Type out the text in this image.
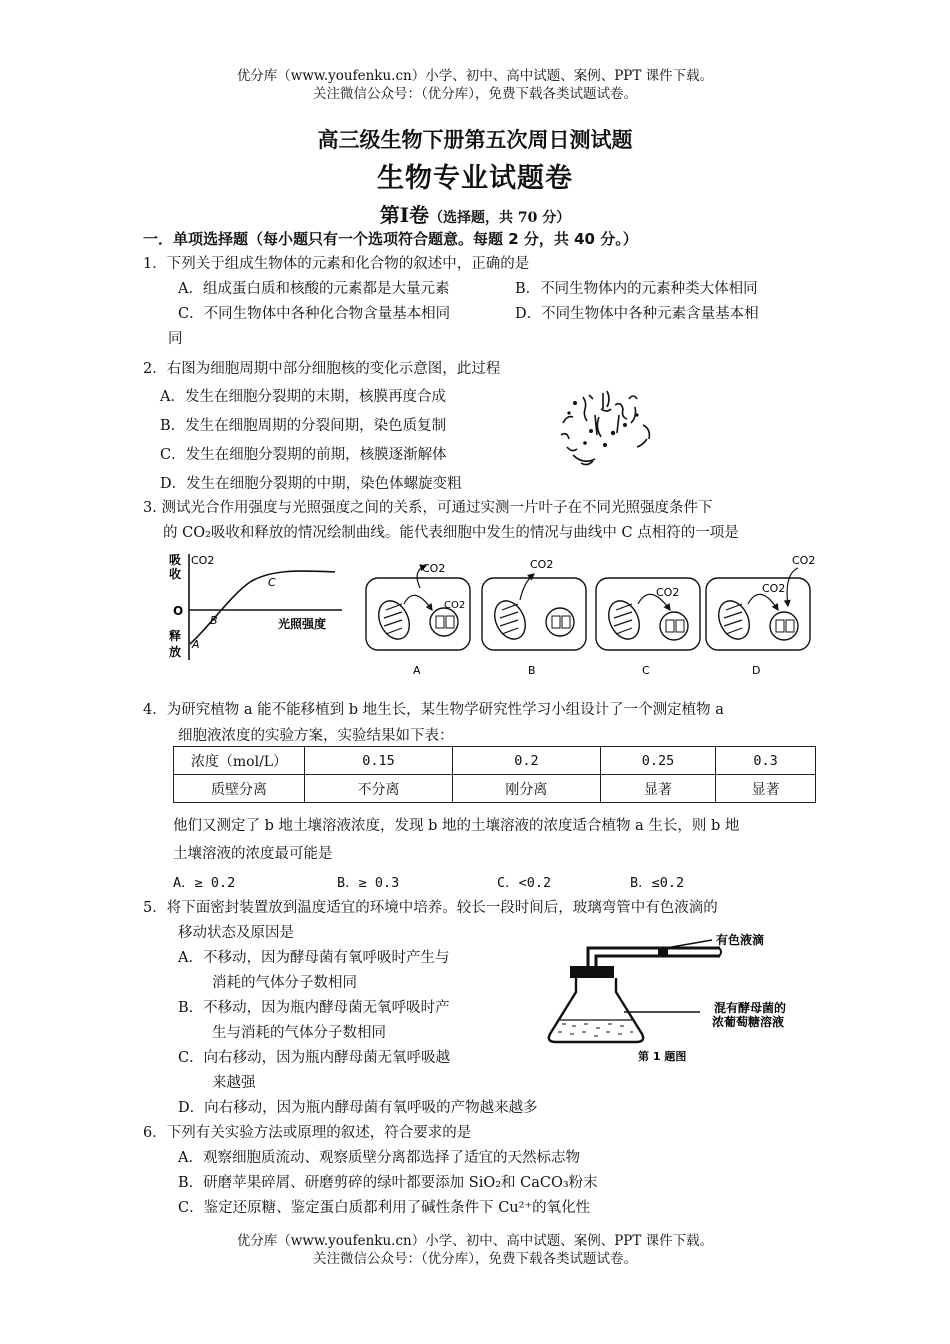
优分库（www.youfenku.cn）小学、初中、高中试题、案例、PPT 课件下载。
关注微信公众号：（优分库），免费下载各类试题试卷。
高三级生物下册第五次周日测试题
生物专业试题卷
第Ⅰ卷（选择题，共 70 分）
一．单项选择题（每小题只有一个选项符合题意。每题 2 分，共 40 分。）
1．下列关于组成生物体的元素和化合物的叙述中，正确的是
A．组成蛋白质和核酸的元素都是大量元素	B．不同生物体内的元素种类大体相同
C．不同生物体中各种化合物含量基本相同	D．不同生物体中各种元素含量基本相
同
2．右图为细胞周期中部分细胞核的变化示意图，此过程
A．发生在细胞分裂期的末期，核膜再度合成
B．发生在细胞周期的分裂间期，染色质复制
C．发生在细胞分裂期的前期，核膜逐渐解体
D．发生在细胞分裂期的中期，染色体螺旋变粗
3. 测试光合作用强度与光照强度之间的关系，可通过实测一片叶子在不同光照强度条件下
的 CO₂吸收和释放的情况绘制曲线。能代表细胞中发生的情况与曲线中 C 点相符的一项是
吸
收
CO2
O
释
放
光照强度
A
B
C
CO2
CO2
CO2
CO2	CO2
CO2
A	B	C	D
4．为研究植物 a 能不能移植到 b 地生长，某生物学研究性学习小组设计了一个测定植物 a
细胞液浓度的实验方案，实验结果如下表：
浓度（mol/L）	0.15	0.2	0.25	0.3
质壁分离	不分离	刚分离	显著	显著
他们又测定了 b 地土壤溶液浓度，发现 b 地的土壤溶液的浓度适合植物 a 生长，则 b 地
土壤溶液的浓度最可能是
A．≥ 0.2	B．≥ 0.3	C．<0.2	B．≤0.2
5．将下面密封装置放到温度适宜的环境中培养。较长一段时间后，玻璃弯管中有色液滴的
移动状态及原因是
A．不移动，因为酵母菌有氧呼吸时产生与
消耗的气体分子数相同
B．不移动，因为瓶内酵母菌无氧呼吸时产
生与消耗的气体分子数相同
C．向右移动，因为瓶内酵母菌无氧呼吸越
来越强
D．向右移动，因为瓶内酵母菌有氧呼吸的产物越来越多
有色液滴
混有酵母菌的
浓葡萄糖溶液
第 1 题图
6．下列有关实验方法或原理的叙述，符合要求的是
A．观察细胞质流动、观察质壁分离都选择了适宜的天然标志物
B．研磨苹果碎屑、研磨剪碎的绿叶都要添加 SiO₂和 CaCO₃粉末
C．鉴定还原糖、鉴定蛋白质都利用了碱性条件下 Cu²⁺的氧化性
优分库（www.youfenku.cn）小学、初中、高中试题、案例、PPT 课件下载。
关注微信公众号：（优分库），免费下载各类试题试卷。
